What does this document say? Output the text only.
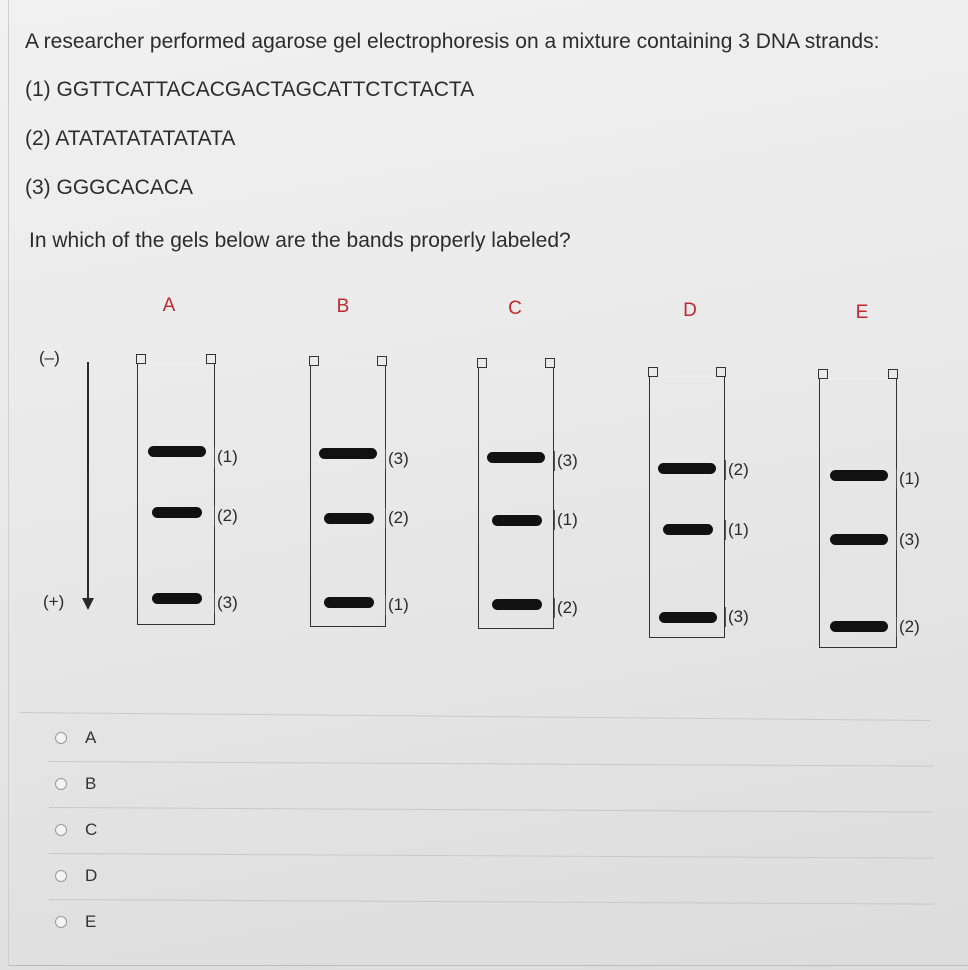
A researcher performed agarose gel electrophoresis on a mixture containing 3 DNA strands:

(1) GGTTCATTACACGACTAGCATTCTCTACTA

(2) ATATATATATATATA

(3) GGGCACACA

In which of the gels below are the bands properly labeled?

(–)
(+)
A
(1)
(2)
(3)
B
(3)
(2)
(1)
C
(3)
(1)
(2)
D
(2)
(1)
(3)
E
(1)
(3)
(2)
A
B
C
D
E
